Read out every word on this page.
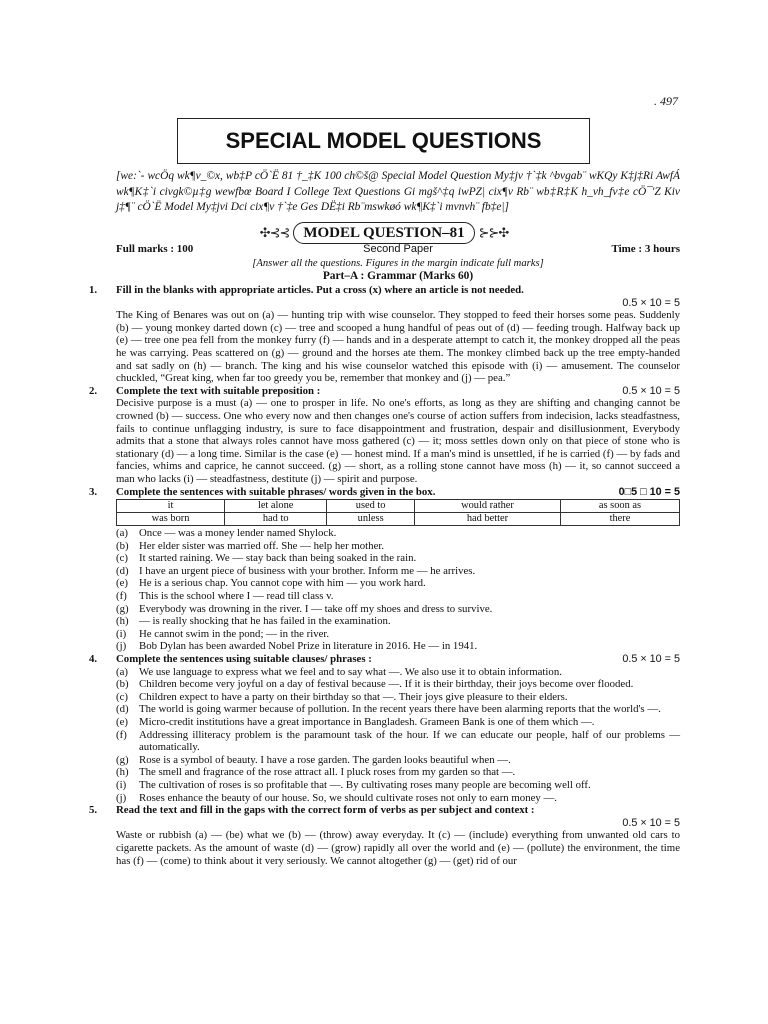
. 497
SPECIAL MODEL QUESTIONS
[we:`- wcÖq wk¶v_©x, wb‡P cÖ`Ë 81 †_‡K 100 ch©š@ Special Model Question My‡jv †`‡k ^bvgab¨ wKQy K‡j‡Ri AwfÁ wk¶K‡`i civgk©µ‡g wewfbœ Board I College Text Questions Gi mgš^‡q iwPZ| cix¶v Rb¨ wb‡R‡K h_vh_fv‡e cÖ¯'Z Kiv j‡¶¨ cÖ`Ë Model My‡jvi Dci cix¶v †`‡e Ges DË‡i Rb¨mswkøó wk¶K‡`i mvnvh¨ fb‡e|]
✣⊰⊰ MODEL QUESTION–81	⊱⊱✣
Second Paper
Full marks : 100	Time : 3 hours
[Answer all the questions. Figures in the margin indicate full marks]
Part–A : Grammar (Marks 60)
1. Fill in the blanks with appropriate articles. Put a cross (x) where an article is not needed.
0.5 × 10 = 5
The King of Benares was out on (a) — hunting trip with wise counselor. They stopped to feed their horses some peas. Suddenly (b) — young monkey darted down (c) — tree and scooped a hung handful of peas out of (d) — feeding trough. Halfway back up (e) — tree one pea fell from the monkey furry (f) — hands and in a desperate attempt to catch it, the monkey dropped all the peas he was carrying. Peas scattered on (g) — ground and the horses ate them. The monkey climbed back up the tree empty-handed and sat sadly on (h) — branch. The king and his wise counselor watched this episode with (i) — amusement. The counselor chuckled, “Great king, when far too greedy you be, remember that monkey and (j) — pea.”
2. Complete the text with suitable preposition :	0.5 × 10 = 5
Decisive purpose is a must (a) — one to prosper in life. No one's efforts, as long as they are shifting and changing cannot be crowned (b) — success. One who every now and then changes one's course of action suffers from indecision, lacks steadfastness, fails to continue unflagging industry, is sure to face disappointment and frustration, despair and disillusionment, Everybody admits that a stone that always roles cannot have moss gathered (c) — it; moss settles down only on that piece of stone who is stationary (d) — a long time. Similar is the case (e) — honest mind. If a man's mind is unsettled, if he is carried (f) — by fads and fancies, whims and caprice, he cannot succeed. (g) — short, as a rolling stone cannot have moss (h) — it, so cannot succeed a man who lacks (i) — steadfastness, destitute (j) — spirit and purpose.
3. Complete the sentences with suitable phrases/ words given in the box.	0□5 □ 10 = 5
it	let alone	used to	would rather	as soon as
was born	had to	unless	had better	there
(a) Once — was a money lender named Shylock.
(b) Her elder sister was married off. She — help her mother.
(c) It started raining. We — stay back than being soaked in the rain.
(d) I have an urgent piece of business with your brother. Inform me — he arrives.
(e) He is a serious chap. You cannot cope with him — you work hard.
(f) This is the school where I — read till class v.
(g) Everybody was drowning in the river. I — take off my shoes and dress to survive.
(h) — is really shocking that he has failed in the examination.
(i) He cannot swim in the pond; — in the river.
(j) Bob Dylan has been awarded Nobel Prize in literature in 2016. He — in 1941.
4. Complete the sentences using suitable clauses/ phrases :	0.5 × 10 = 5
(a) We use language to express what we feel and to say what —. We also use it to obtain information.
(b) Children become very joyful on a day of festival because —. If it is their birthday, their joys become over flooded.
(c) Children expect to have a party on their birthday so that —. Their joys give pleasure to their elders.
(d) The world is going warmer because of pollution. In the recent years there have been alarming reports that the world's —.
(e) Micro-credit institutions have a great importance in Bangladesh. Grameen Bank is one of them which —.
(f) Addressing illiteracy problem is the paramount task of the hour. If we can educate our people, half of our problems — automatically.
(g) Rose is a symbol of beauty. I have a rose garden. The garden looks beautiful when —.
(h) The smell and fragrance of the rose attract all. I pluck roses from my garden so that —.
(i) The cultivation of roses is so profitable that —. By cultivating roses many people are becoming well off.
(j) Roses enhance the beauty of our house. So, we should cultivate roses not only to earn money —.
5. Read the text and fill in the gaps with the correct form of verbs as per subject and context :
0.5 × 10 = 5
Waste or rubbish (a) — (be) what we (b) — (throw) away everyday. It (c) — (include) everything from unwanted old cars to cigarette packets. As the amount of waste (d) — (grow) rapidly all over the world and (e) — (pollute) the environment, the time has (f) — (come) to think about it very seriously. We cannot altogether (g) — (get) rid of our
